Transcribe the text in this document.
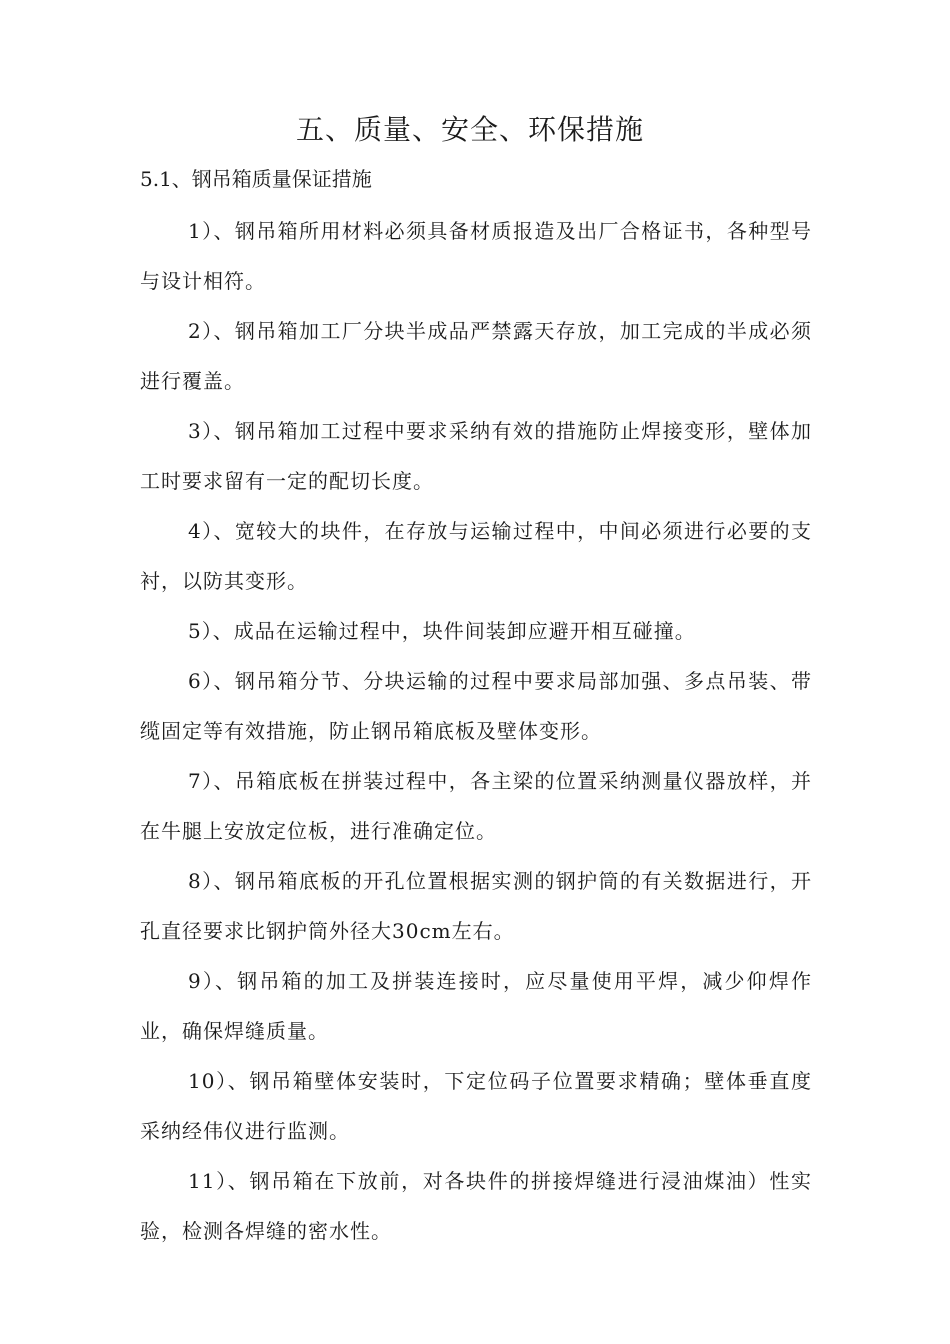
五、质量、安全、环保措施
5.1、钢吊箱质量保证措施

1）、钢吊箱所用材料必须具备材质报造及出厂合格证书，各种型号与设计相符。

2）、钢吊箱加工厂分块半成品严禁露天存放，加工完成的半成必须进行覆盖。

3）、钢吊箱加工过程中要求采纳有效的措施防止焊接变形，壁体加工时要求留有一定的配切长度。

4）、宽较大的块件，在存放与运输过程中，中间必须进行必要的支衬，以防其变形。

5）、成品在运输过程中，块件间装卸应避开相互碰撞。

6）、钢吊箱分节、分块运输的过程中要求局部加强、多点吊装、带缆固定等有效措施，防止钢吊箱底板及壁体变形。

7）、吊箱底板在拼装过程中，各主梁的位置采纳测量仪器放样，并在牛腿上安放定位板，进行准确定位。

8）、钢吊箱底板的开孔位置根据实测的钢护筒的有关数据进行，开孔直径要求比钢护筒外径大30cm左右。

9）、钢吊箱的加工及拼装连接时，应尽量使用平焊，减少仰焊作业，确保焊缝质量。

10）、钢吊箱壁体安装时，下定位码子位置要求精确；壁体垂直度采纳经伟仪进行监测。

11）、钢吊箱在下放前，对各块件的拼接焊缝进行浸油煤油）性实验，检测各焊缝的密水性。
